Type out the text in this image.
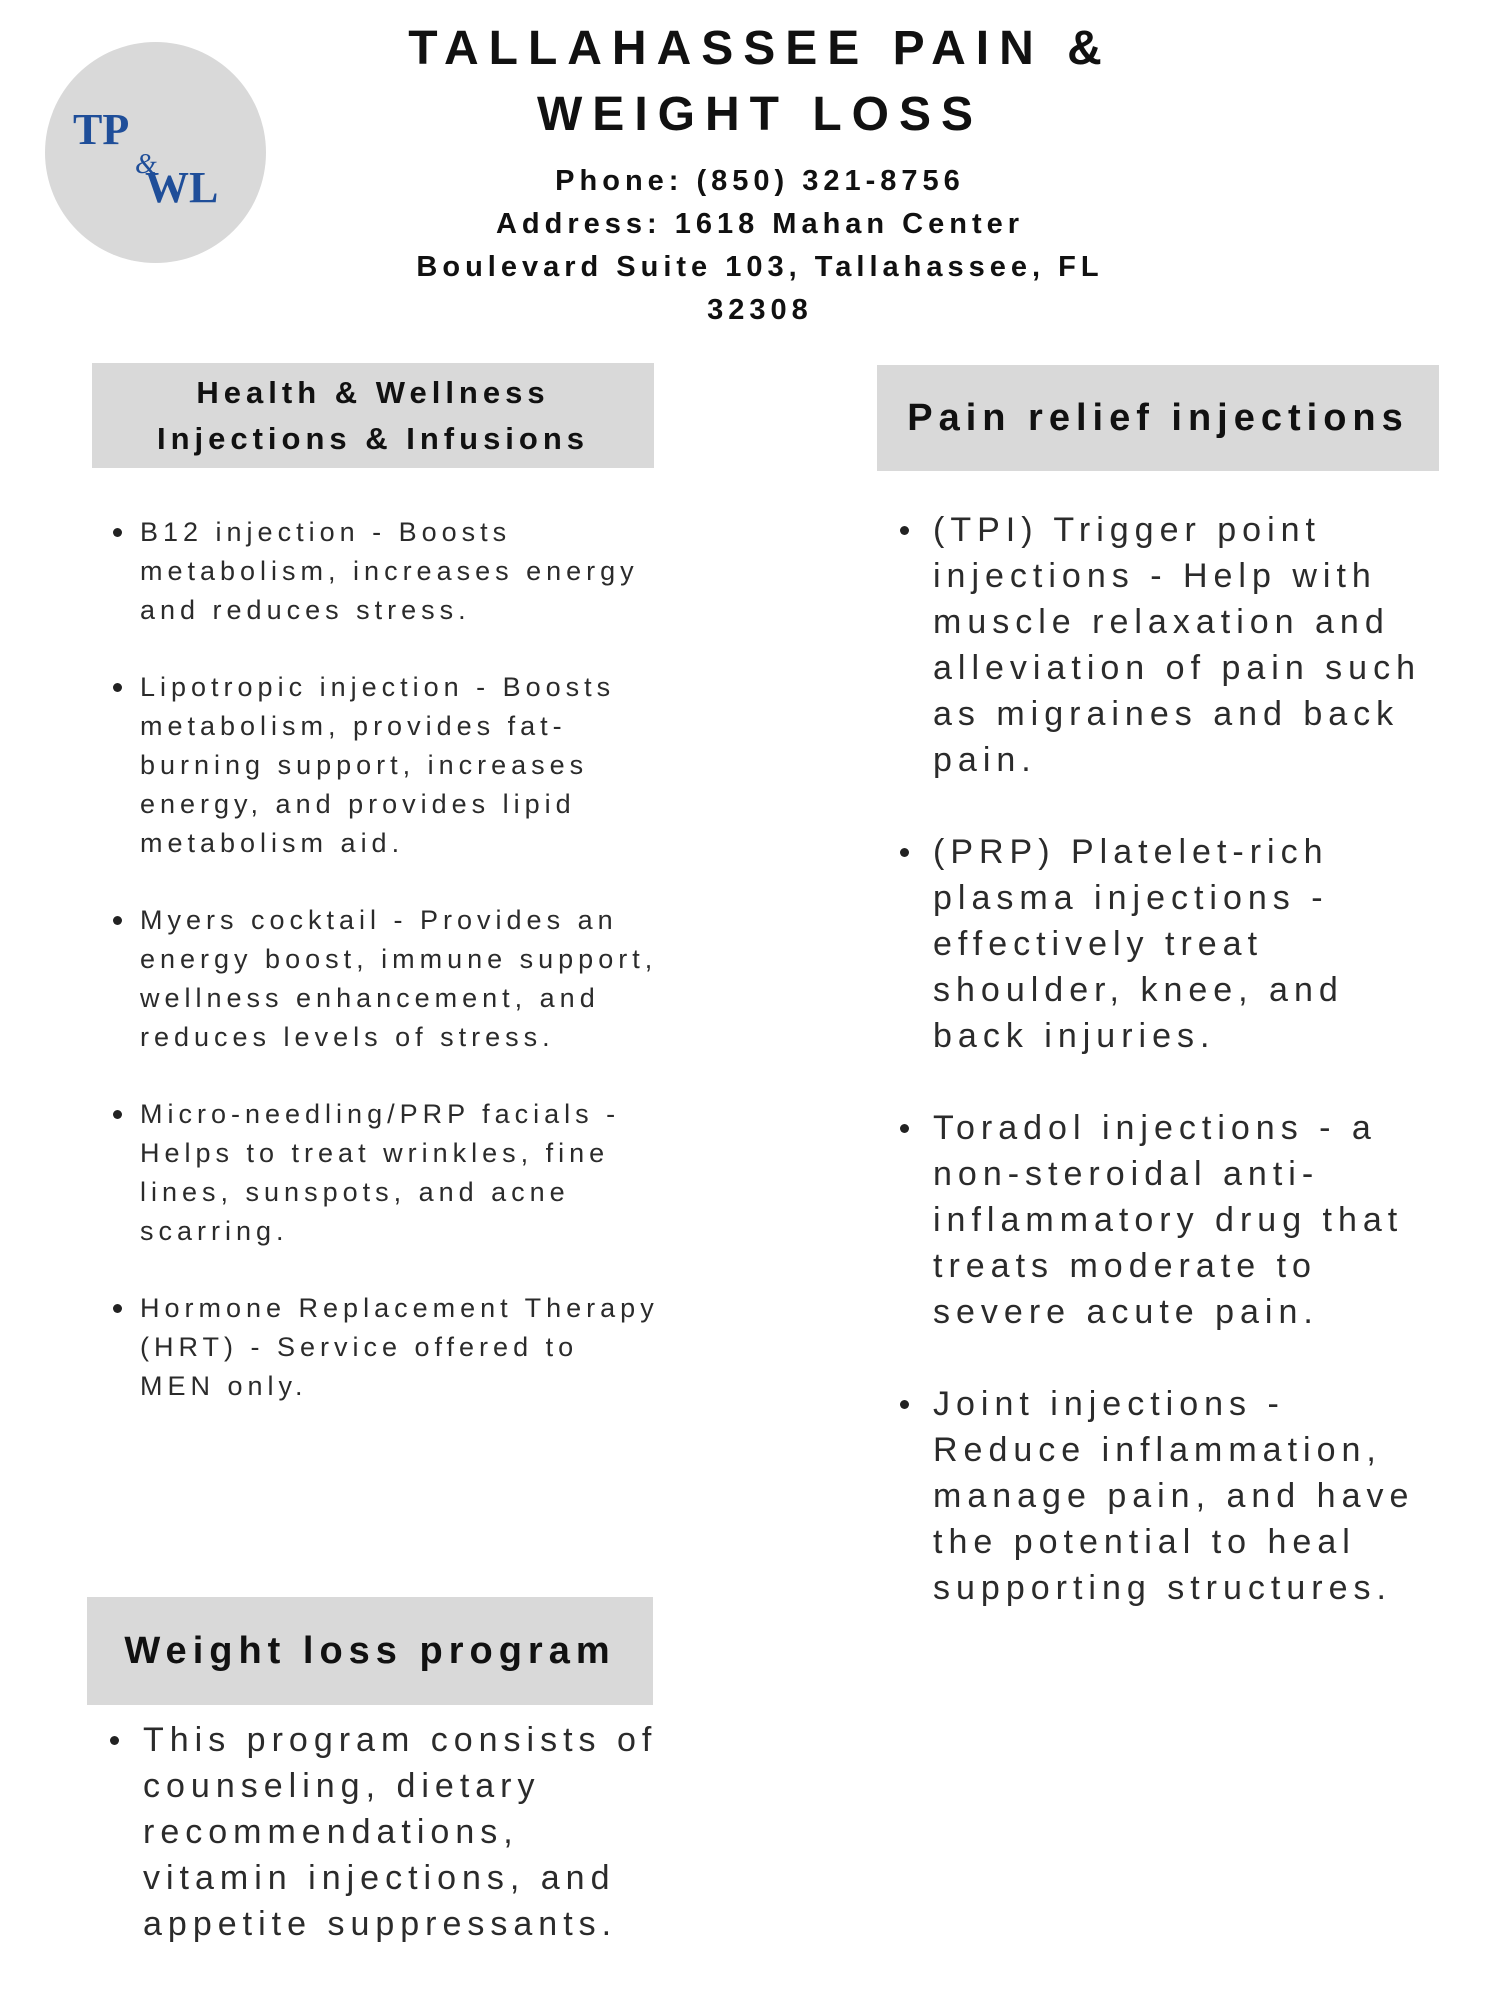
TP
&
WL
TALLAHASSEE PAIN &
WEIGHT LOSS
Phone: (850) 321-8756
Address: 1618 Mahan Center
Boulevard Suite 103, Tallahassee, FL
32308
Health & Wellness
Injections & Infusions
B12 injection - Boosts metabolism, increases energy and reduces stress.
Lipotropic injection - Boosts metabolism, provides fat-burning support, increases energy, and provides lipid metabolism aid.
Myers cocktail - Provides an energy boost, immune support, wellness enhancement, and reduces levels of stress.
Micro-needling/PRP facials - Helps to treat wrinkles, fine lines, sunspots, and acne scarring.
Hormone Replacement Therapy (HRT) - Service offered to MEN only.
Pain relief injections
(TPI) Trigger point injections - Help with muscle relaxation and alleviation of pain such as migraines and back pain.
(PRP) Platelet-rich plasma injections - effectively treat shoulder, knee, and back injuries.
Toradol injections - a non-steroidal anti-inflammatory drug that treats moderate to severe acute pain.
Joint injections - Reduce inflammation, manage pain, and have the potential to heal supporting structures.
Weight loss program
This program consists of counseling, dietary recommendations, vitamin injections, and appetite suppressants.
